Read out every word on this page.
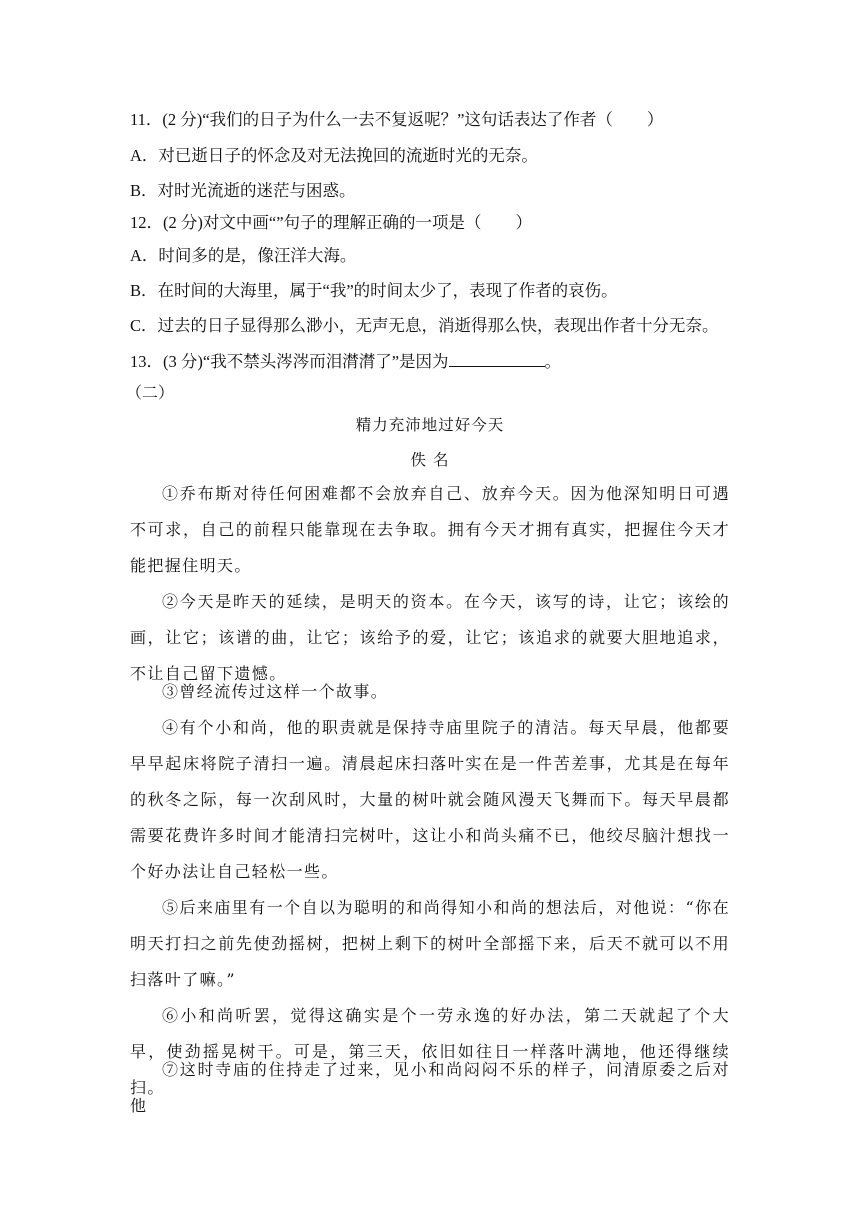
11．(2 分)“我们的日子为什么一去不复返呢？”这句话表达了作者（ ）
A．对已逝日子的怀念及对无法挽回的流逝时光的无奈。
B．对时光流逝的迷茫与困惑。
12．(2 分)对文中画“”句子的理解正确的一项是（ ）
A．时间多的是，像汪洋大海。
B．在时间的大海里，属于“我”的时间太少了，表现了作者的哀伤。
C．过去的日子显得那么渺小，无声无息，消逝得那么快，表现出作者十分无奈。
13．(3 分)“我不禁头涔涔而泪潸潸了”是因为	。
（二）
精力充沛地过好今天
佚 名
①乔布斯对待任何困难都不会放弃自己、放弃今天。因为他深知明日可遇不可求，自己的前程只能靠现在去争取。拥有今天才拥有真实，把握住今天才能把握住明天。
②今天是昨天的延续，是明天的资本。在今天，该写的诗，让它；该绘的画，让它；该谱的曲，让它；该给予的爱，让它；该追求的就要大胆地追求，不让自己留下遗憾。
③曾经流传过这样一个故事。
④有个小和尚，他的职责就是保持寺庙里院子的清洁。每天早晨，他都要早早起床将院子清扫一遍。清晨起床扫落叶实在是一件苦差事，尤其是在每年的秋冬之际，每一次刮风时，大量的树叶就会随风漫天飞舞而下。每天早晨都需要花费许多时间才能清扫完树叶，这让小和尚头痛不已，他绞尽脑汁想找一个好办法让自己轻松一些。
⑤后来庙里有一个自以为聪明的和尚得知小和尚的想法后，对他说：“你在明天打扫之前先使劲摇树，把树上剩下的树叶全部摇下来，后天不就可以不用扫落叶了嘛。”
⑥小和尚听罢，觉得这确实是个一劳永逸的好办法，第二天就起了个大早，使劲摇晃树干。可是，第三天，依旧如往日一样落叶满地，他还得继续扫。
⑦这时寺庙的住持走了过来，见小和尚闷闷不乐的样子，问清原委之后对他
